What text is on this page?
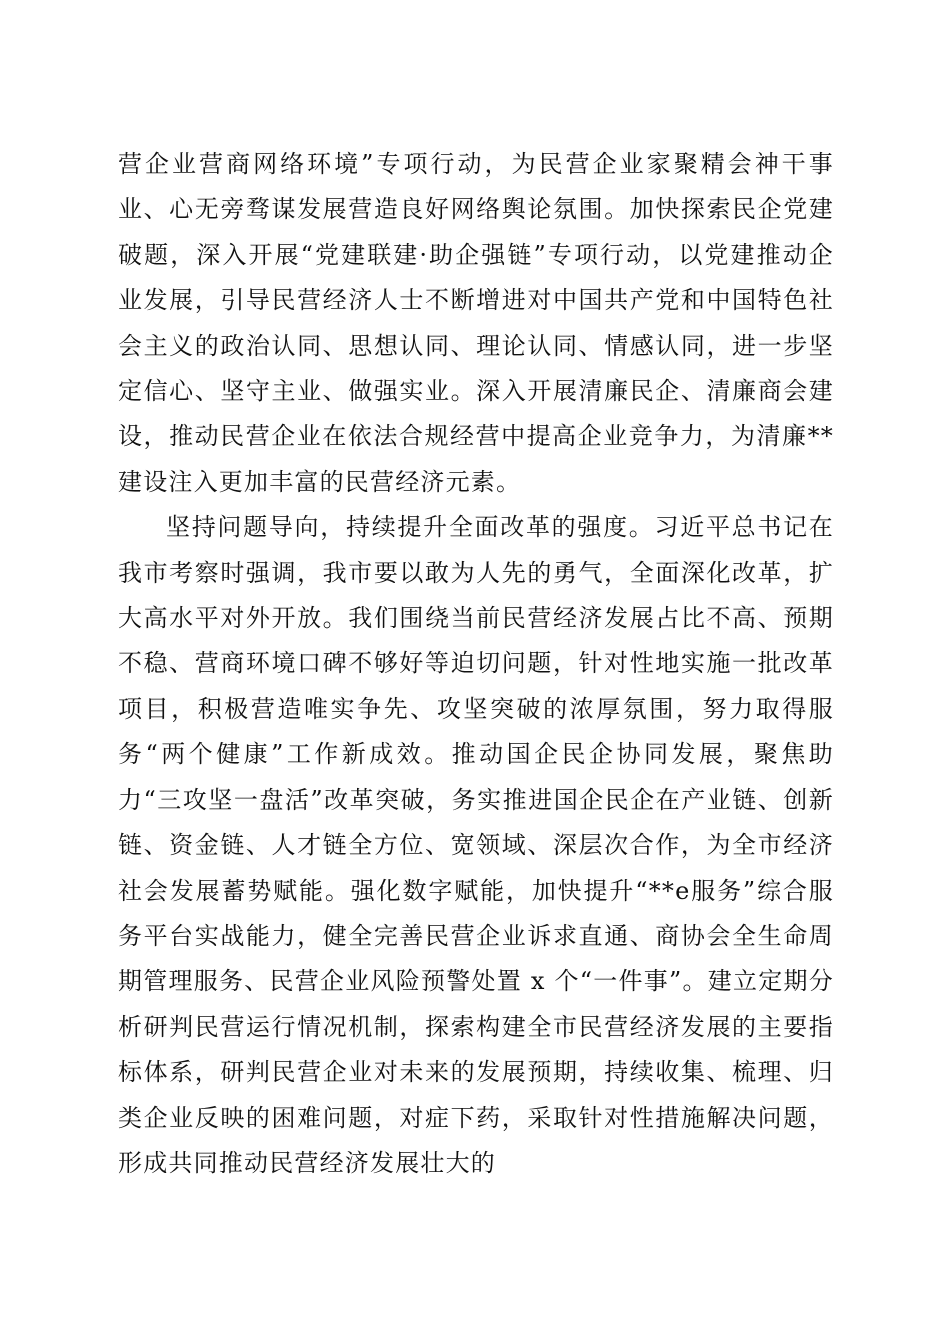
营企业营商网络环境”专项行动，为民营企业家聚精会神干事业、心无旁骛谋发展营造良好网络舆论氛围。加快探索民企党建破题，深入开展“党建联建·助企强链”专项行动，以党建推动企业发展，引导民营经济人士不断增进对中国共产党和中国特色社会主义的政治认同、思想认同、理论认同、情感认同，进一步坚定信心、坚守主业、做强实业。深入开展清廉民企、清廉商会建设，推动民营企业在依法合规经营中提高企业竞争力，为清廉**建设注入更加丰富的民营经济元素。

坚持问题导向，持续提升全面改革的强度。习近平总书记在我市考察时强调，我市要以敢为人先的勇气，全面深化改革，扩大高水平对外开放。我们围绕当前民营经济发展占比不高、预期不稳、营商环境口碑不够好等迫切问题，针对性地实施一批改革项目，积极营造唯实争先、攻坚突破的浓厚氛围，努力取得服务“两个健康”工作新成效。推动国企民企协同发展，聚焦助力“三攻坚一盘活”改革突破，务实推进国企民企在产业链、创新链、资金链、人才链全方位、宽领域、深层次合作，为全市经济社会发展蓄势赋能。强化数字赋能，加快提升“**e服务”综合服务平台实战能力，健全完善民营企业诉求直通、商协会全生命周期管理服务、民营企业风险预警处置 x 个“一件事”。建立定期分析研判民营运行情况机制，探索构建全市民营经济发展的主要指标体系，研判民营企业对未来的发展预期，持续收集、梳理、归类企业反映的困难问题，对症下药，采取针对性措施解决问题，形成共同推动民营经济发展壮大的
